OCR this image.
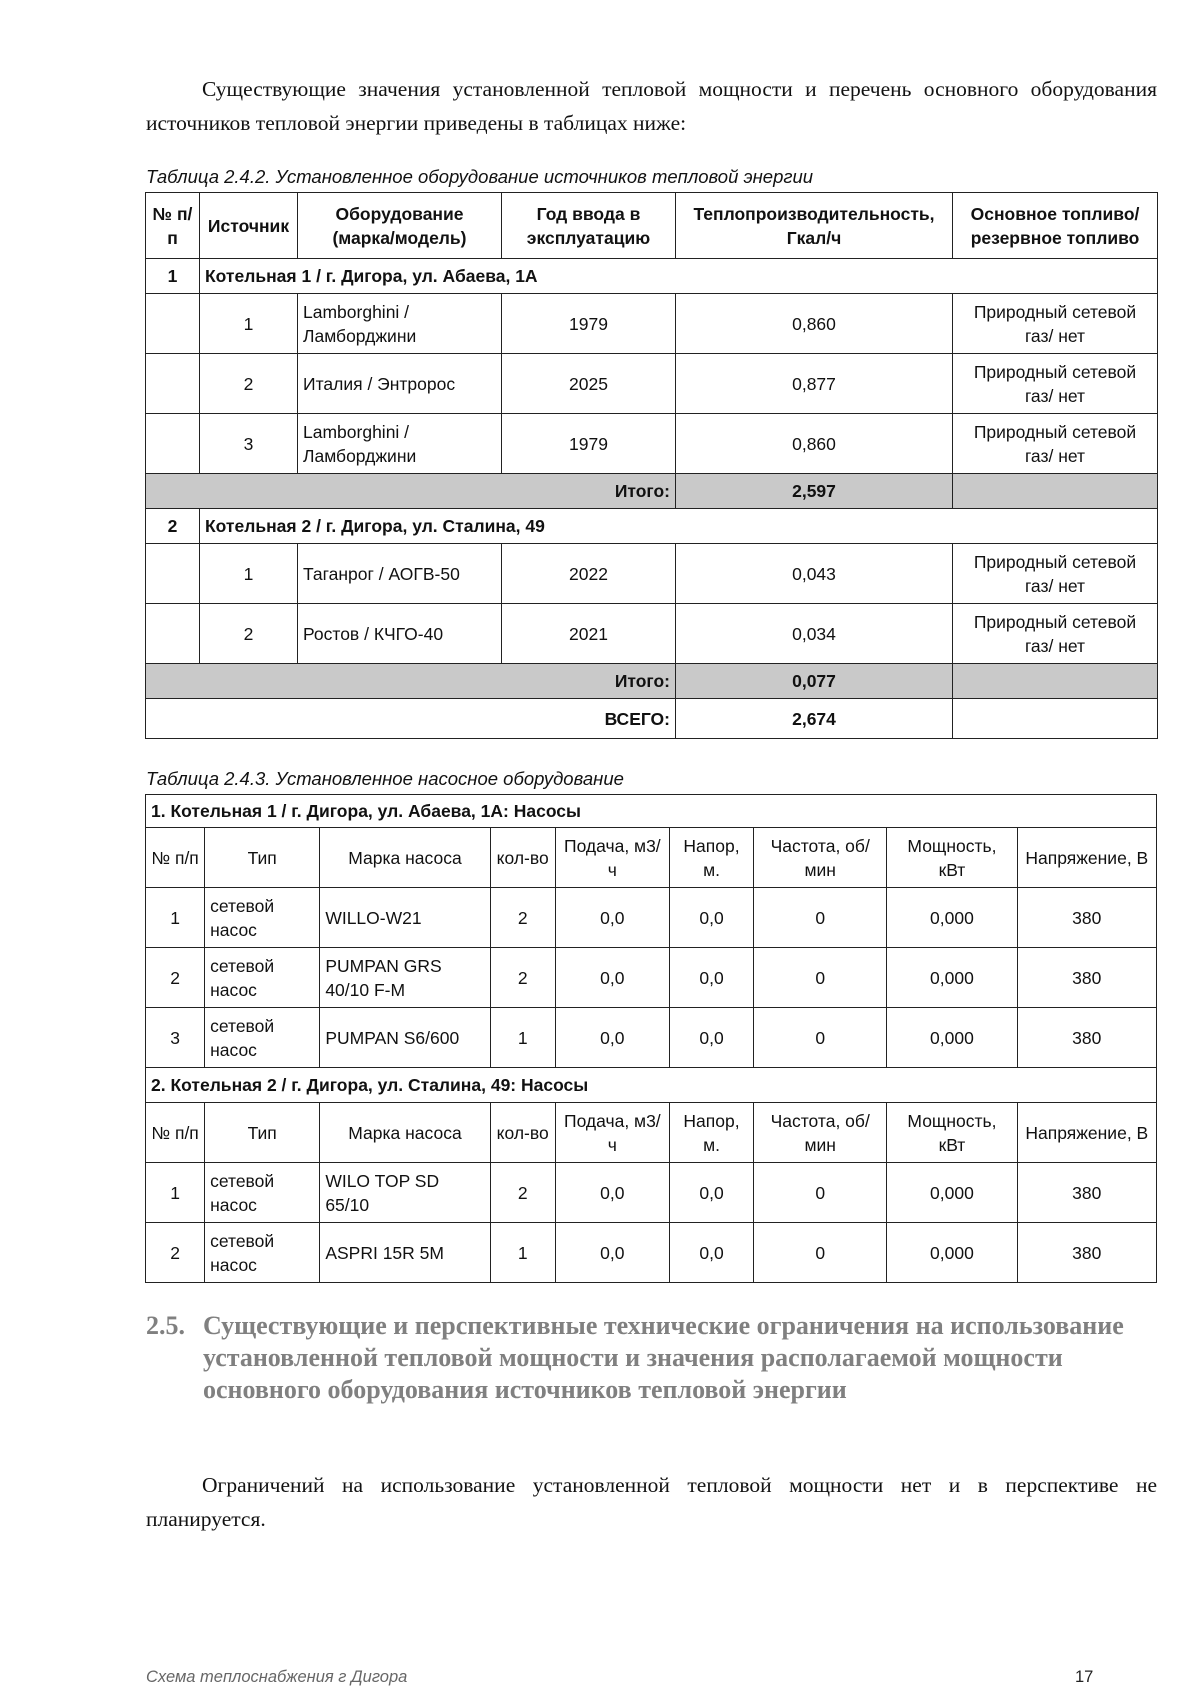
Существующие значения установленной тепловой мощности и перечень основного оборудования источников тепловой энергии приведены в таблицах ниже:
Таблица 2.4.2. Установленное оборудование источников тепловой энергии
№ п/п	Источник	Оборудование (марка/модель)	Год ввода в эксплуатацию	Теплопроизводительность, Гкал/ч	Основное топливо/ резервное топливо
1	Котельная 1 / г. Дигора, ул. Абаева, 1А				
	1	Lamborghini / Ламборджини	1979	0,860	Природный сетевой газ/ нет
	2	Италия / Энтророс	2025	0,877	Природный сетевой газ/ нет
	3	Lamborghini / Ламборджини	1979	0,860	Природный сетевой газ/ нет
Итого:				2,597	
2	Котельная 2 / г. Дигора, ул. Сталина, 49				
	1	Таганрог / АОГВ-50	2022	0,043	Природный сетевой газ/ нет
	2	Ростов / КЧГО-40	2021	0,034	Природный сетевой газ/ нет
Итого:				0,077	
ВСЕГО:				2,674	
Таблица 2.4.3. Установленное насосное оборудование
1. Котельная 1 / г. Дигора, ул. Абаева, 1А: Насосы								
№ п/п	Тип	Марка насоса	кол-во	Подача, м3/ч	Напор, м.	Частота, об/мин	Мощность, кВт	Напряжение, В
1	сетевой насос	WILLO-W21	2	0,0	0,0	0	0,000	380
2	сетевой насос	PUMPAN GRS 40/10 F-M	2	0,0	0,0	0	0,000	380
3	сетевой насос	PUMPAN S6/600	1	0,0	0,0	0	0,000	380
2. Котельная 2 / г. Дигора, ул. Сталина, 49: Насосы								
№ п/п	Тип	Марка насоса	кол-во	Подача, м3/ч	Напор, м.	Частота, об/мин	Мощность, кВт	Напряжение, В
1	сетевой насос	WILO TOP SD 65/10	2	0,0	0,0	0	0,000	380
2	сетевой насос	ASPRI 15R 5M	1	0,0	0,0	0	0,000	380
2.5. Существующие и перспективные технические ограничения на использование установленной тепловой мощности и значения располагаемой мощности основного оборудования источников тепловой энергии
Ограничений на использование установленной тепловой мощности нет и в перспективе не планируется.
Схема теплоснабжения г Дигора	17
